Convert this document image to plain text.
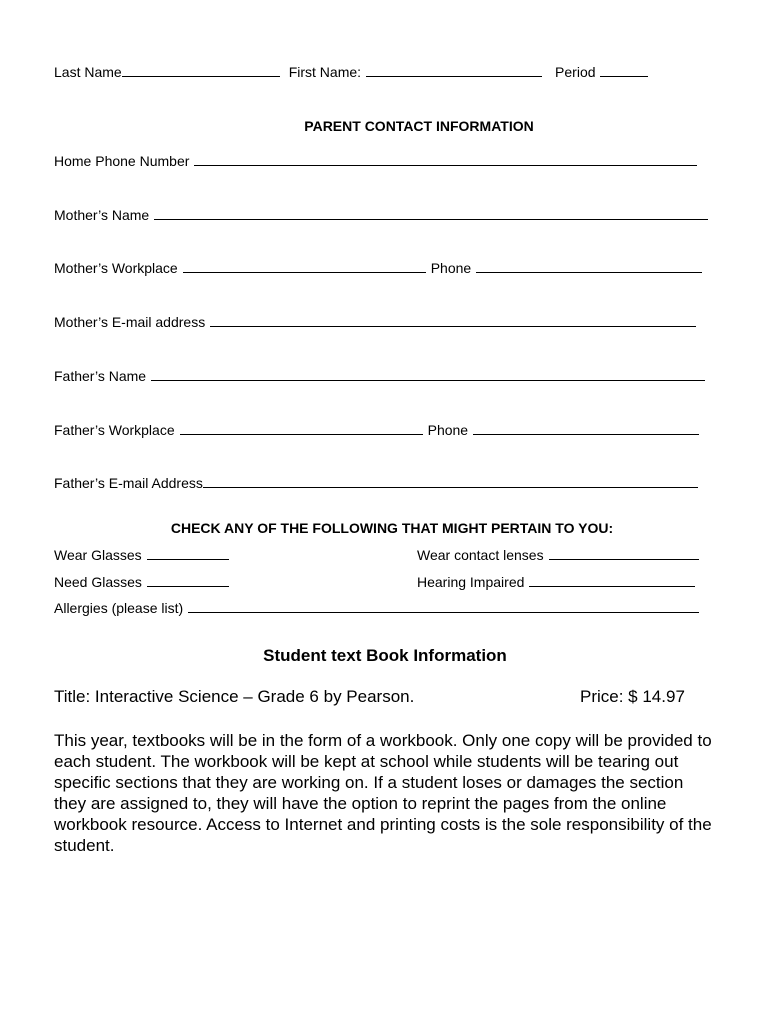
Last Name	First Name:	Period
PARENT CONTACT INFORMATION
Home Phone Number
Mother’s Name
Mother’s Workplace	Phone
Mother’s E-mail address
Father’s Name
Father’s Workplace	Phone
Father’s E-mail Address
CHECK ANY OF THE FOLLOWING THAT MIGHT PERTAIN TO YOU:
Wear Glasses	Wear contact lenses
Need Glasses	Hearing Impaired
Allergies (please list)
Student text Book Information
Title: Interactive Science – Grade 6 by Pearson.	Price: $ 14.97
This year, textbooks will be in the form of a workbook. Only one copy will be provided to each student. The workbook will be kept at school while students will be tearing out specific sections that they are working on. If a student loses or damages the section they are assigned to, they will have the option to reprint the pages from the online workbook resource. Access to Internet and printing costs is the sole responsibility of the student.
